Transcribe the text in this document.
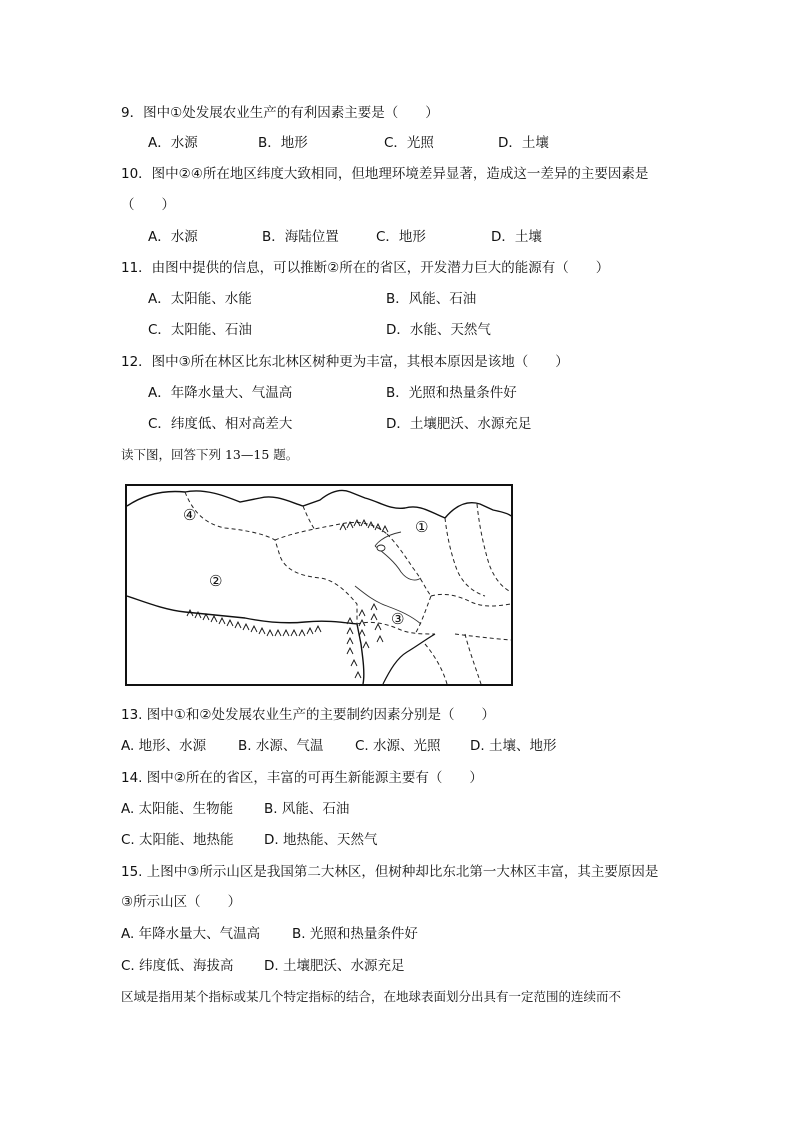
9．图中①处发展农业生产的有利因素主要是（　　）
A．水源	B．地形	C．光照	D．土壤
10．图中②④所在地区纬度大致相同，但地理环境差异显著，造成这一差异的主要因素是
（　　）
A．水源	B．海陆位置	C．地形	D．土壤
11．由图中提供的信息，可以推断②所在的省区，开发潜力巨大的能源有（　　）
A．太阳能、水能	B．风能、石油
C．太阳能、石油	D．水能、天然气
12．图中③所在林区比东北林区树种更为丰富，其根本原因是该地（　　）
A．年降水量大、气温高	B．光照和热量条件好
C．纬度低、相对高差大	D．土壤肥沃、水源充足
读下图，回答下列 13—15 题。
①
②
③
④
13. 图中①和②处发展农业生产的主要制约因素分别是（　　）
A. 地形、水源 B. 水源、气温 C. 水源、光照 D. 土壤、地形
14. 图中②所在的省区，丰富的可再生新能源主要有（　　）
A. 太阳能、生物能 B. 风能、石油
C. 太阳能、地热能 D. 地热能、天然气
15. 上图中③所示山区是我国第二大林区，但树种却比东北第一大林区丰富，其主要原因是
③所示山区（　　）
A. 年降水量大、气温高 B. 光照和热量条件好
C. 纬度低、海拔高 D. 土壤肥沃、水源充足
区域是指用某个指标或某几个特定指标的结合，在地球表面划分出具有一定范围的连续而不
